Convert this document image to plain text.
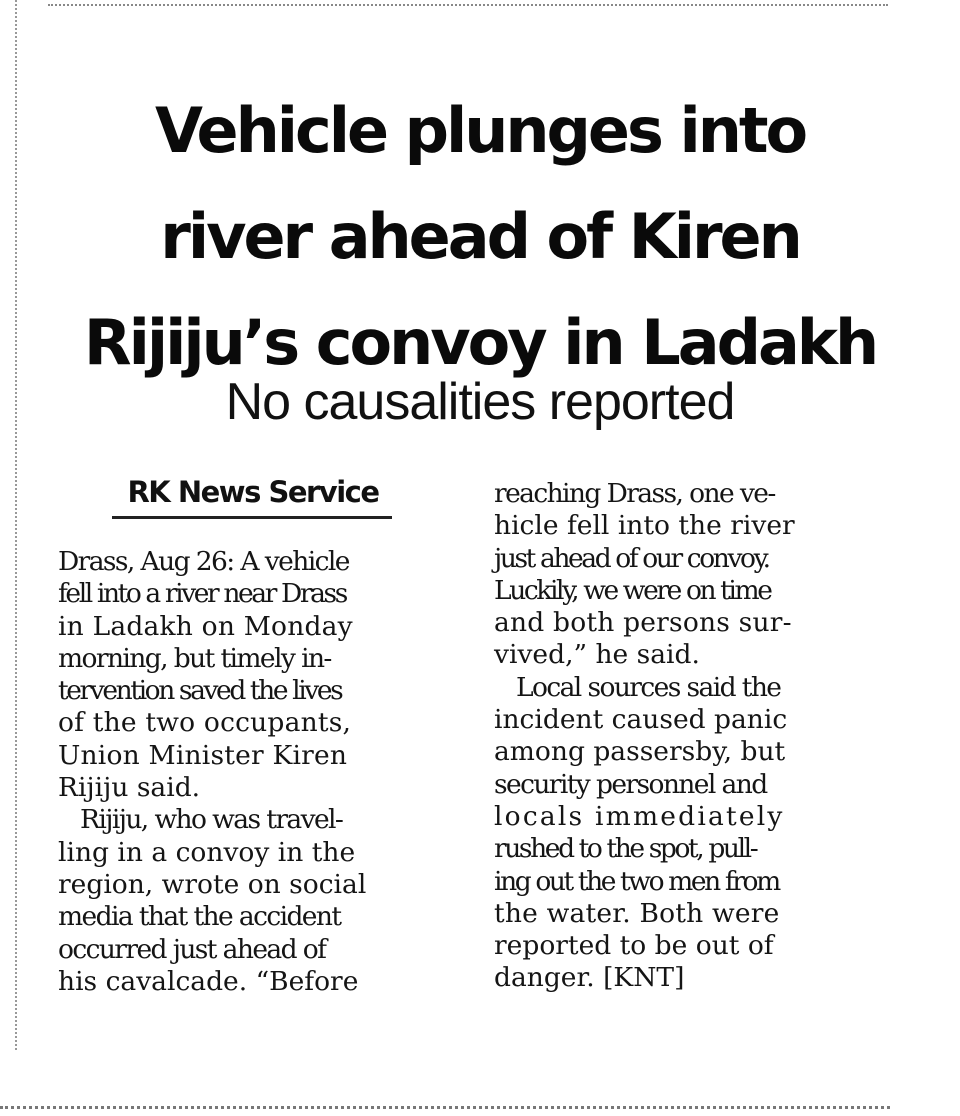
Vehicle plunges into
river ahead of Kiren
Rijiju’s convoy in Ladakh
No causalities reported
RK News Service

Drass, Aug 26: A vehicle
fell into a river near Drass
in Ladakh on Monday
morning, but timely in-
tervention saved the lives
of the two occupants,
Union Minister Kiren
Rijiju said.

Rijiju, who was travel-
ling in a convoy in the
region, wrote on social
media that the accident
occurred just ahead of
his cavalcade. “Before

reaching Drass, one ve-
hicle fell into the river
just ahead of our convoy.
Luckily, we were on time
and both persons sur-
vived,” he said.

Local sources said the
incident caused panic
among passersby, but
security personnel and
locals immediately
rushed to the spot, pull-
ing out the two men from
the water. Both were
reported to be out of
danger. [KNT]
